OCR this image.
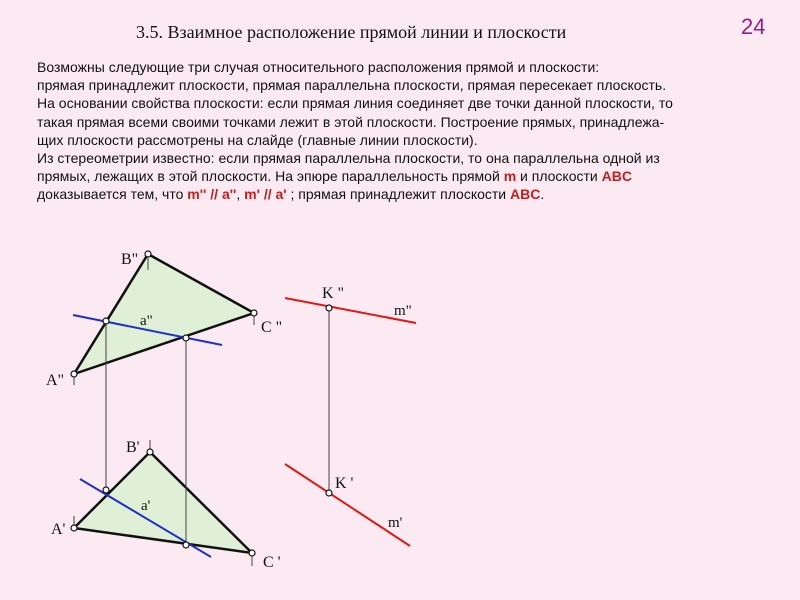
24
3.5. Взаимное расположение прямой линии и плоскости
Возможны следующие три случая относительного расположения прямой и плоскости:
прямая принадлежит плоскости, прямая параллельна плоскости, прямая пересекает плоскость.
На основании свойства плоскости: если прямая линия соединяет две точки данной плоскости, то
такая прямая всеми своими точками лежит в этой плоскости. Построение прямых, принадлежа-
щих плоскости рассмотрены на слайде (главные линии плоскости).
Из стереометрии известно: если прямая параллельна плоскости, то она параллельна одной из
прямых, лежащих в этой плоскости. На эпюре параллельность прямой m и плоскости ABC
доказывается тем, что m'' // a'', m' // a' ; прямая принадлежит плоскости ABC.
B"
A"
C "
a"
B'
A'
C '
a'
K "
m"
K '
m'
